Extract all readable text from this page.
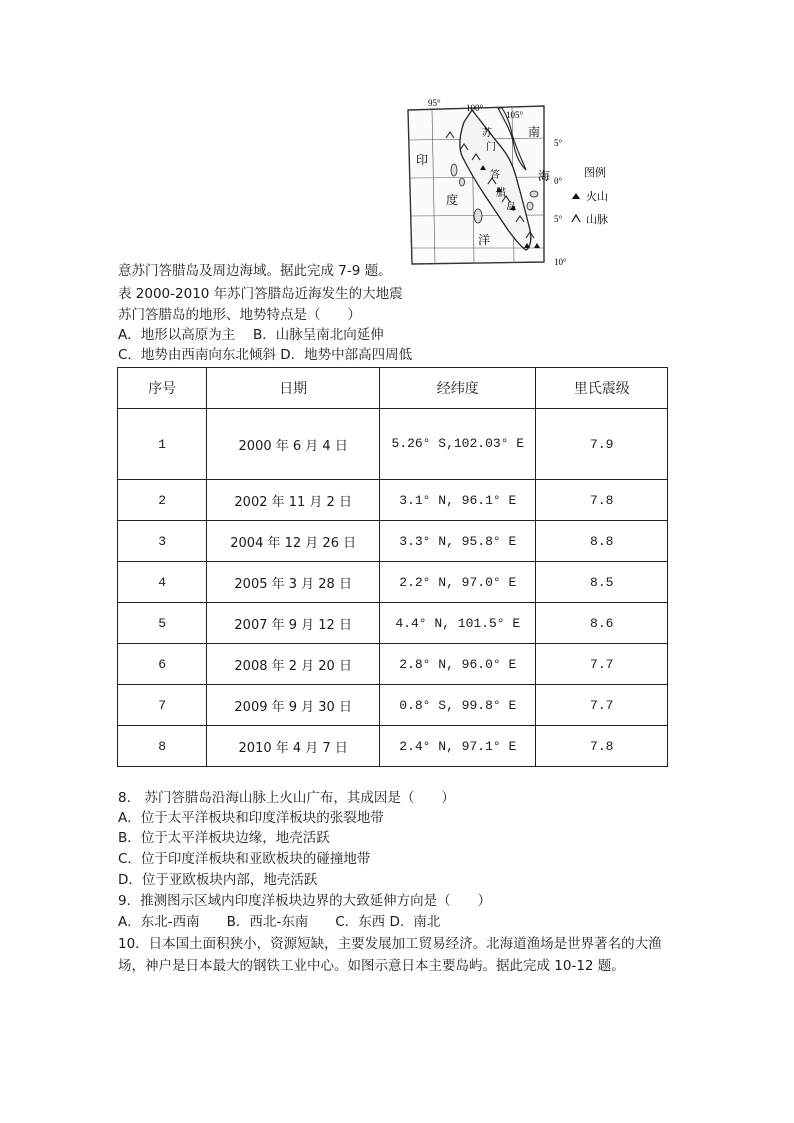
95°	100°
105°
5°
0°
5°
10°
印
度
洋
南
海
苏
门
答
腊
岛
图例
火山
山脉
意苏门答腊岛及周边海域。据此完成 7-9 题。
表 2000-2010 年苏门答腊岛近海发生的大地震
苏门答腊岛的地形、地势特点是（　　）
A．地形以高原为主　 B．山脉呈南北向延伸
C．地势由西南向东北倾斜 D．地势中部高四周低
序号	日期	经纬度	里氏震级
1	2000 年 6 月 4 日	5.26° S,102.03° E	7.9
2	2002 年 11 月 2 日	3.1° N, 96.1° E	7.8
3	2004 年 12 月 26 日	3.3° N, 95.8° E	8.8
4	2005 年 3 月 28 日	2.2° N, 97.0° E	8.5
5	2007 年 9 月 12 日	4.4° N, 101.5° E	8.6
6	2008 年 2 月 20 日	2.8° N, 96.0° E	7.7
7	2009 年 9 月 30 日	0.8° S, 99.8° E	7.7
8	2010 年 4 月 7 日	2.4° N, 97.1° E	7.8
8.　苏门答腊岛沿海山脉上火山广布，其成因是（　　）
A．位于太平洋板块和印度洋板块的张裂地带
B．位于太平洋板块边缘，地壳活跃
C．位于印度洋板块和亚欧板块的碰撞地带
D．位于亚欧板块内部，地壳活跃
9．推测图示区域内印度洋板块边界的大致延伸方向是（　　）
A．东北-西南　　B．西北-东南　　C．东西 D．南北
10．日本国土面积狭小，资源短缺，主要发展加工贸易经济。北海道渔场是世界著名的大渔
场，神户是日本最大的钢铁工业中心。如图示意日本主要岛屿。据此完成 10-12 题。
